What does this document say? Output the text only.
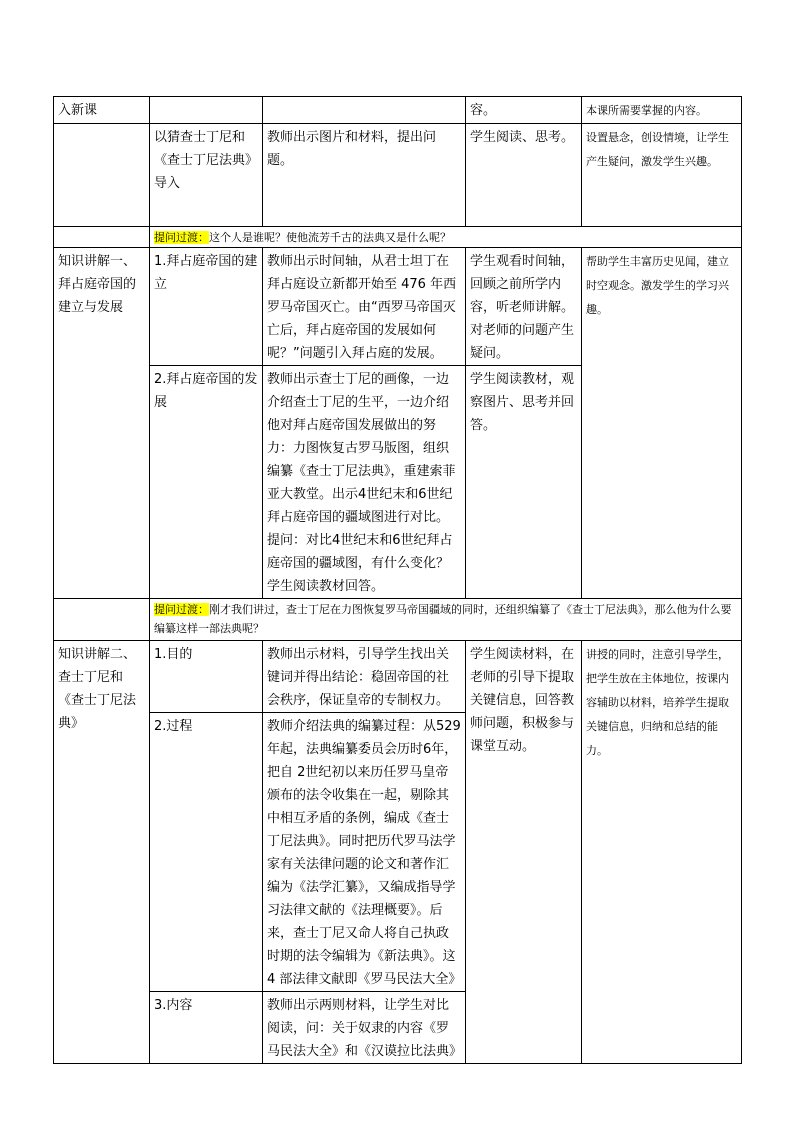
入新课			容。	本课所需要掌握的内容。
	以猜查士丁尼和《查士丁尼法典》导入	教师出示图片和材料，提出问题。	学生阅读、思考。	设置悬念，创设情境，让学生产生疑问，激发学生兴趣。
	提问过渡：这个人是谁呢？使他流芳千古的法典又是什么呢？			
知识讲解一、拜占庭帝国的建立与发展	1.拜占庭帝国的建立	教师出示时间轴，从君士坦丁在拜占庭设立新都开始至 476 年西罗马帝国灭亡。由“西罗马帝国灭亡后，拜占庭帝国的发展如何呢？”问题引入拜占庭的发展。	学生观看时间轴，回顾之前所学内容，听老师讲解。对老师的问题产生疑问。	帮助学生丰富历史见闻，建立时空观念。激发学生的学习兴趣。
	2.拜占庭帝国的发展	教师出示查士丁尼的画像，一边介绍查士丁尼的生平，一边介绍他对拜占庭帝国发展做出的努力：力图恢复古罗马版图，组织编纂《查士丁尼法典》，重建索菲亚大教堂。出示4世纪末和6世纪拜占庭帝国的疆域图进行对比。提问：对比4世纪末和6世纪拜占庭帝国的疆域图，有什么变化？学生阅读教材回答。	学生阅读教材，观察图片、思考并回答。	
	提问过渡：刚才我们讲过，查士丁尼在力图恢复罗马帝国疆域的同时，还组织编纂了《查士丁尼法典》，那么他为什么要编纂这样一部法典呢？			
知识讲解二、查士丁尼和《查士丁尼法典》	1.目的	教师出示材料，引导学生找出关键词并得出结论：稳固帝国的社会秩序，保证皇帝的专制权力。	学生阅读材料，在老师的引导下提取关键信息，回答教师问题，积极参与课堂互动。	讲授的同时，注意引导学生，把学生放在主体地位，按课内容辅助以材料，培养学生提取关键信息，归纳和总结的能力。
	2.过程	教师介绍法典的编纂过程：从529年起，法典编纂委员会历时6年，把自 2世纪初以来历任罗马皇帝颁布的法令收集在一起，剔除其中相互矛盾的条例，编成《查士丁尼法典》。同时把历代罗马法学家有关法律问题的论文和著作汇编为《法学汇纂》，又编成指导学习法律文献的《法理概要》。后来，查士丁尼又命人将自己执政时期的法令编辑为《新法典》。这 4 部法律文献即《罗马民法大全》		
	3.内容	教师出示两则材料，让学生对比阅读，问：关于奴隶的内容《罗马民法大全》和《汉谟拉比法典》		
